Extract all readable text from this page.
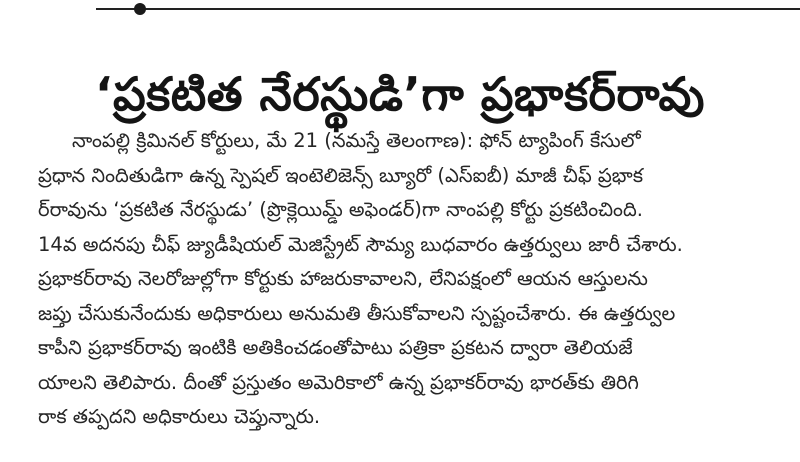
‘ప్రకటిత నేరస్థుడి’గా ప్రభాకర్‌రావు

నాంపల్లి క్రిమినల్ కోర్టులు, మే 21 (నమస్తే తెలంగాణ): ఫోన్ ట్యాపింగ్ కేసులో
ప్రధాన నిందితుడిగా ఉన్న స్పెషల్ ఇంటెలిజెన్స్ బ్యూరో (ఎస్ఐబీ) మాజీ చీఫ్ ప్రభాక
ర్‌రావును ‘ప్రకటిత నేరస్థుడు’ (ప్రొక్లెయిమ్డ్ అఫెండర్)గా నాంపల్లి కోర్టు ప్రకటించింది.
14వ అదనపు చీఫ్ జ్యుడీషియల్ మెజిస్ట్రేట్ సౌమ్య బుధవారం ఉత్తర్వులు జారీ చేశారు.
ప్రభాకర్‌రావు నెలరోజుల్లోగా కోర్టుకు హాజరుకావాలని, లేనిపక్షంలో ఆయన ఆస్తులను
జప్తు చేసుకునేందుకు అధికారులు అనుమతి తీసుకోవాలని స్పష్టంచేశారు. ఈ ఉత్తర్వుల
కాపీని ప్రభాకర్‌రావు ఇంటికి అతికించడంతోపాటు పత్రికా ప్రకటన ద్వారా తెలియజే
యాలని తెలిపారు. దీంతో ప్రస్తుతం అమెరికాలో ఉన్న ప్రభాకర్‌రావు భారత్‌కు తిరిగి
రాక తప్పదని అధికారులు చెప్తున్నారు.
